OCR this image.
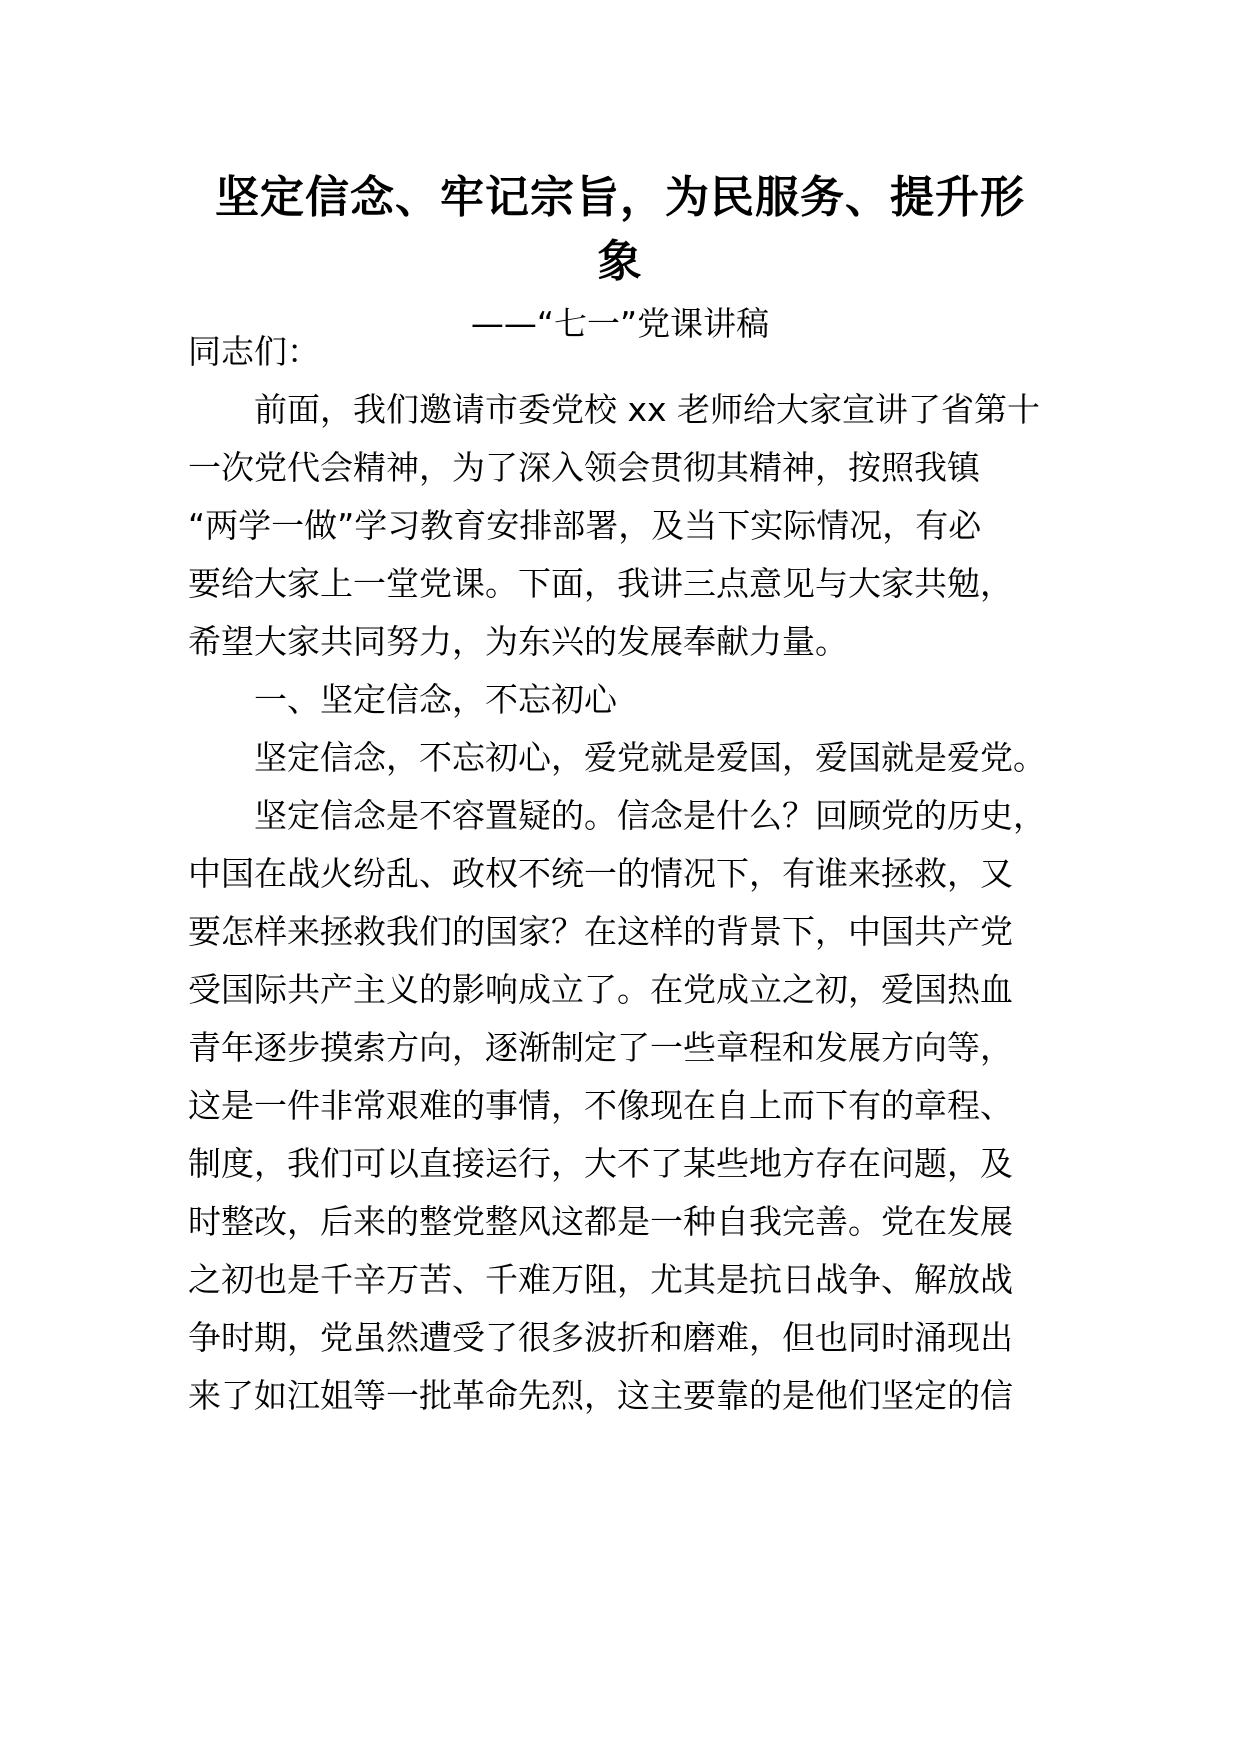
坚定信念、牢记宗旨，为民服务、提升形
象

——“七一”党课讲稿

同志们：

前面，我们邀请市委党校 xx 老师给大家宣讲了省第十

一次党代会精神，为了深入领会贯彻其精神，按照我镇

“两学一做”学习教育安排部署，及当下实际情况，有必

要给大家上一堂党课。下面，我讲三点意见与大家共勉，

希望大家共同努力，为东兴的发展奉献力量。

一、坚定信念，不忘初心

坚定信念，不忘初心，爱党就是爱国，爱国就是爱党。

坚定信念是不容置疑的。信念是什么？回顾党的历史，

中国在战火纷乱、政权不统一的情况下，有谁来拯救，又

要怎样来拯救我们的国家？在这样的背景下，中国共产党

受国际共产主义的影响成立了。在党成立之初，爱国热血

青年逐步摸索方向，逐渐制定了一些章程和发展方向等，

这是一件非常艰难的事情，不像现在自上而下有的章程、

制度，我们可以直接运行，大不了某些地方存在问题，及

时整改，后来的整党整风这都是一种自我完善。党在发展

之初也是千辛万苦、千难万阻，尤其是抗日战争、解放战

争时期，党虽然遭受了很多波折和磨难，但也同时涌现出

来了如江姐等一批革命先烈，这主要靠的是他们坚定的信
